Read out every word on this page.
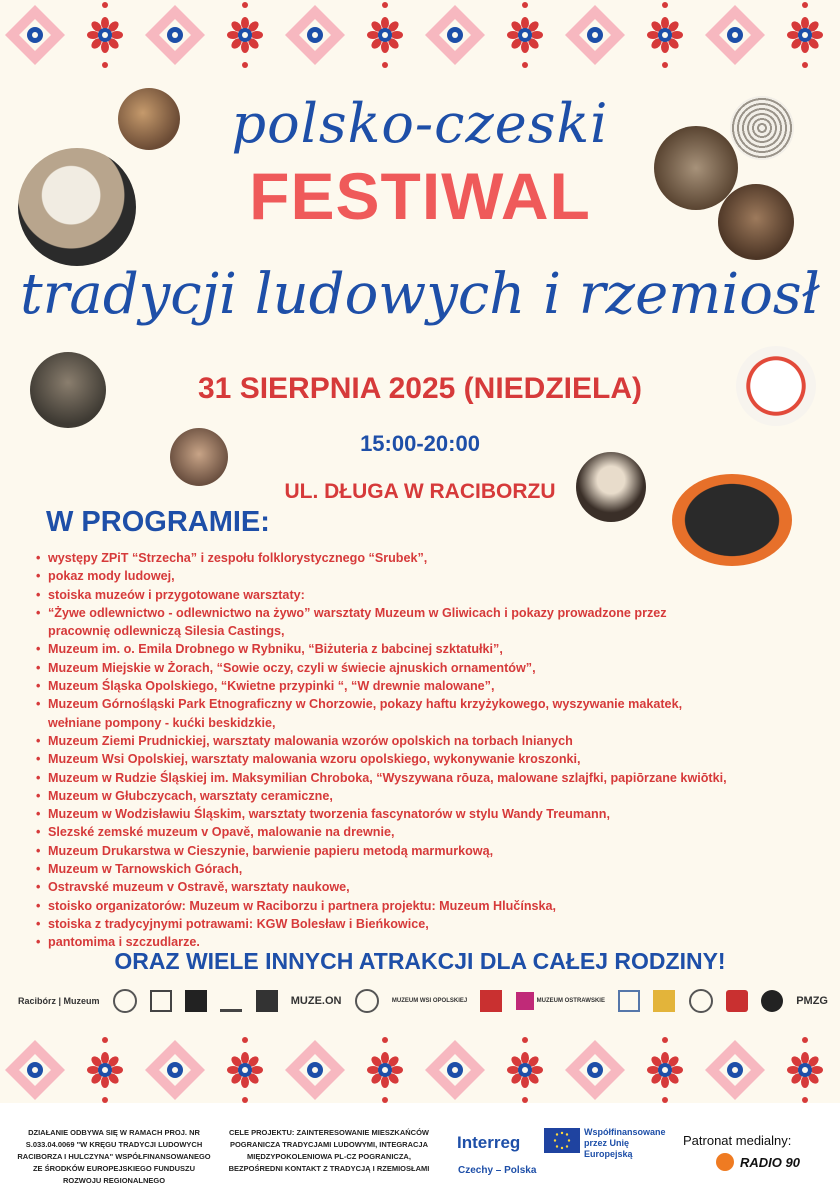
polsko-czeski
FESTIWAL
tradycji ludowych i rzemiosł
31 SIERPNIA 2025 (NIEDZIELA)
15:00-20:00
UL. DŁUGA W RACIBORZU
W PROGRAMIE:
• występy ZPiT “Strzecha” i zespołu folklorystycznego “Srubek”,
• pokaz mody ludowej,
• stoiska muzeów i przygotowane warsztaty:
• “Żywe odlewnictwo - odlewnictwo na żywo” warsztaty Muzeum w Gliwicach i pokazy prowadzone przez
pracownię odlewniczą Silesia Castings,
• Muzeum im. o. Emila Drobnego w Rybniku, “Biżuteria z babcinej szktatułki”,
• Muzeum Miejskie w Żorach, “Sowie oczy, czyli w świecie ajnuskich ornamentów”,
• Muzeum Śląska Opolskiego, “Kwietne przypinki “, “W drewnie malowane”,
• Muzeum Górnośląski Park Etnograficzny w Chorzowie, pokazy haftu krzyżykowego, wyszywanie makatek,
wełniane pompony - kućki beskidzkie,
• Muzeum Ziemi Prudnickiej, warsztaty malowania wzorów opolskich na torbach lnianych
• Muzeum Wsi Opolskiej, warsztaty malowania wzoru opolskiego, wykonywanie kroszonki,
• Muzeum w Rudzie Śląskiej im. Maksymilian Chroboka, “Wyszywana rōuza, malowane szlajfki, papiōrzane kwiōtki,
• Muzeum w Głubczycach, warsztaty ceramiczne,
• Muzeum w Wodzisławiu Śląskim, warsztaty tworzenia fascynatorów w stylu Wandy Treumann,
• Slezské zemské muzeum v Opavě, malowanie na drewnie,
• Muzeum Drukarstwa w Cieszynie, barwienie papieru metodą marmurkową,
• Muzeum w Tarnowskich Górach,
• Ostravské muzeum v Ostravě, warsztaty naukowe,
• stoisko organizatorów: Muzeum w Raciborzu i partnera projektu: Muzeum Hlučínska,
• stoiska z tradycyjnymi potrawami: KGW Bolesław i Bieńkowice,
• pantomima i szczudlarze.
ORAZ WIELE INNYCH ATRAKCJI DLA CAŁEJ RODZINY!
Racibórz | Muzeum	MUZE.ON	MUZEUM WSI OPOLSKIEJ	MUZEUM OSTRAWSKIE	PMZG
DZIAŁANIE ODBYWA SIĘ W RAMACH PROJ. NR S.033.04.0069 "W KRĘGU TRADYCJI LUDOWYCH RACIBORZA I HULCZYNA" WSPÓŁFINANSOWANEGO ZE ŚRODKÓW EUROPEJSKIEGO FUNDUSZU ROZWOJU REGIONALNEGO
CELE PROJEKTU: ZAINTERESOWANIE MIESZKAŃCÓW POGRANICZA TRADYCJAMI LUDOWYMI, INTEGRACJA MIĘDZYPOKOLENIOWA PL-CZ POGRANICZA, BEZPOŚREDNI KONTAKT Z TRADYCJĄ I RZEMIOSŁAMI
Interreg
Czechy – Polska
Współfinansowane przez Unię Europejską
Patronat medialny:
RADIO 90
